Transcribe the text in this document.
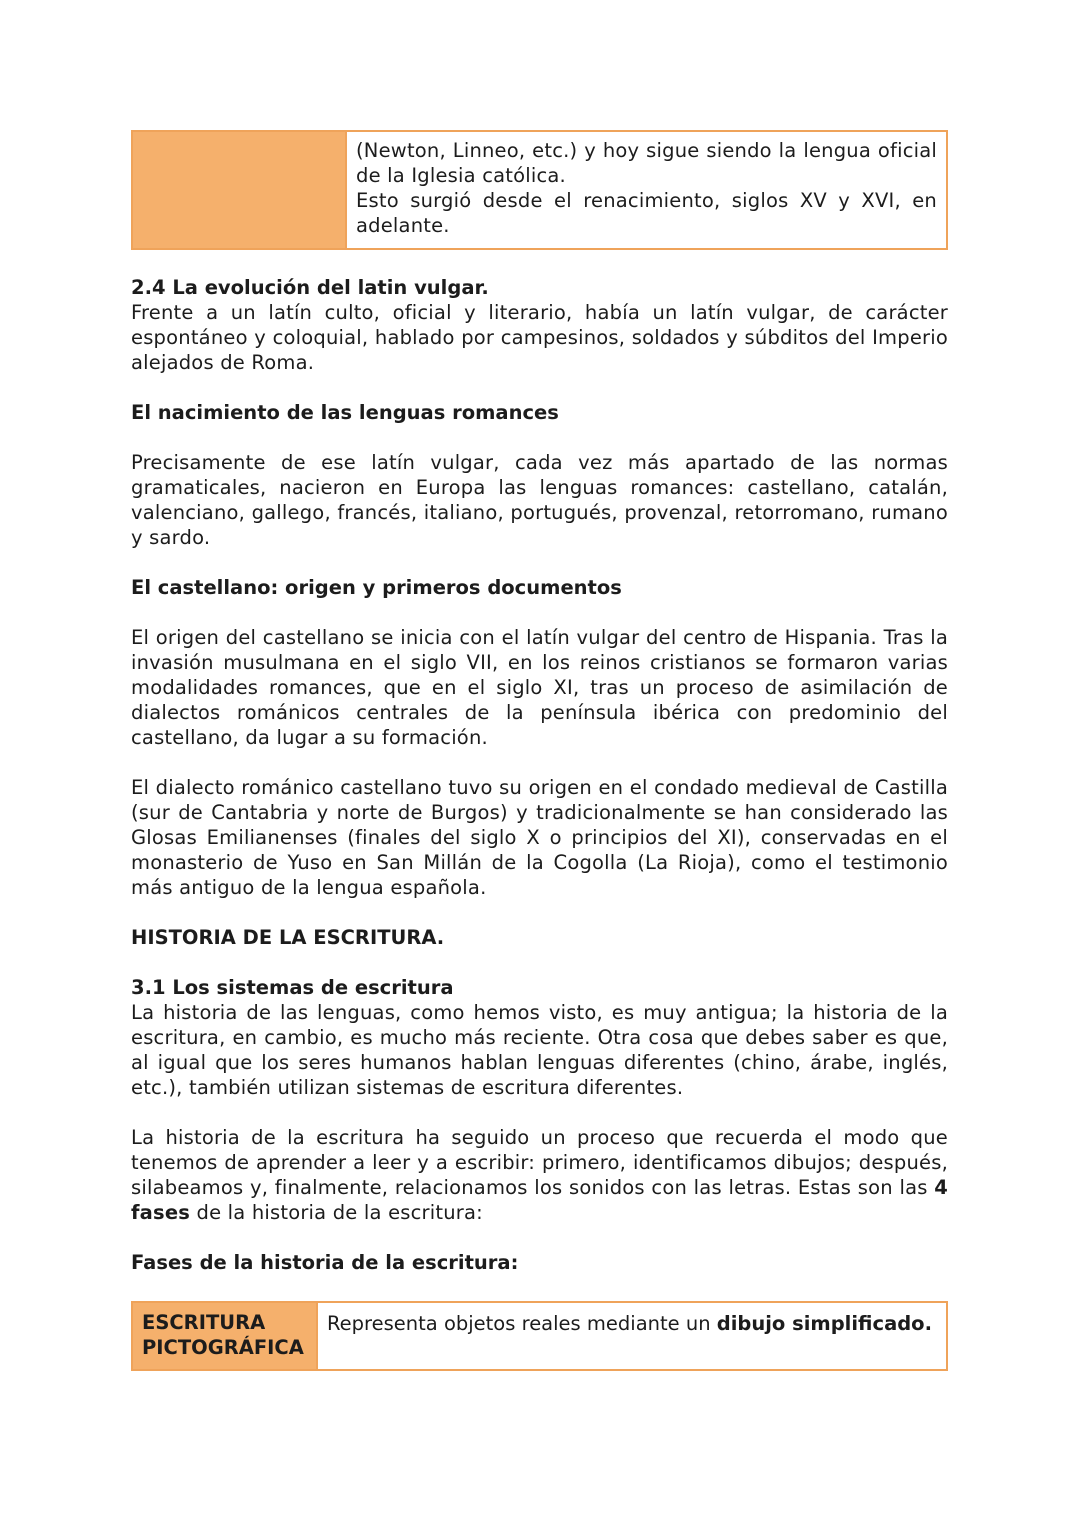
(Newton, Linneo, etc.) y hoy sigue siendo la lengua oficial de la Iglesia católica.
Esto surgió desde el renacimiento, siglos XV y XVI, en adelante.
2.4 La evolución del latin vulgar.

Frente a un latín culto, oficial y literario, había un latín vulgar, de carácter espontáneo y coloquial, hablado por campesinos, soldados y súbditos del Imperio alejados de Roma.

El nacimiento de las lenguas romances

Precisamente de ese latín vulgar, cada vez más apartado de las normas gramaticales, nacieron en Europa las lenguas romances: castellano, catalán, valenciano, gallego, francés, italiano, portugués, provenzal, retorromano, rumano y sardo.

El castellano: origen y primeros documentos

El origen del castellano se inicia con el latín vulgar del centro de Hispania. Tras la invasión musulmana en el siglo VII, en los reinos cristianos se formaron varias modalidades romances, que en el siglo XI, tras un proceso de asimilación de dialectos románicos centrales de la península ibérica con predominio del castellano, da lugar a su formación.

El dialecto románico castellano tuvo su origen en el condado medieval de Castilla (sur de Cantabria y norte de Burgos) y tradicionalmente se han considerado las Glosas Emilianenses (finales del siglo X o principios del XI), conservadas en el monasterio de Yuso en San Millán de la Cogolla (La Rioja), como el testimonio más antiguo de la lengua española.

HISTORIA DE LA ESCRITURA.
3.1 Los sistemas de escritura

La historia de las lenguas, como hemos visto, es muy antigua; la historia de la escritura, en cambio, es mucho más reciente. Otra cosa que debes saber es que, al igual que los seres humanos hablan lenguas diferentes (chino, árabe, inglés, etc.), también utilizan sistemas de escritura diferentes.

La historia de la escritura ha seguido un proceso que recuerda el modo que tenemos de aprender a leer y a escribir: primero, identificamos dibujos; después, silabeamos y, finalmente, relacionamos los sonidos con las letras. Estas son las 4 fases de la historia de la escritura:

Fases de la historia de la escritura:
ESCRITURA
PICTOGRÁFICA
Representa objetos reales mediante un dibujo simplificado.
